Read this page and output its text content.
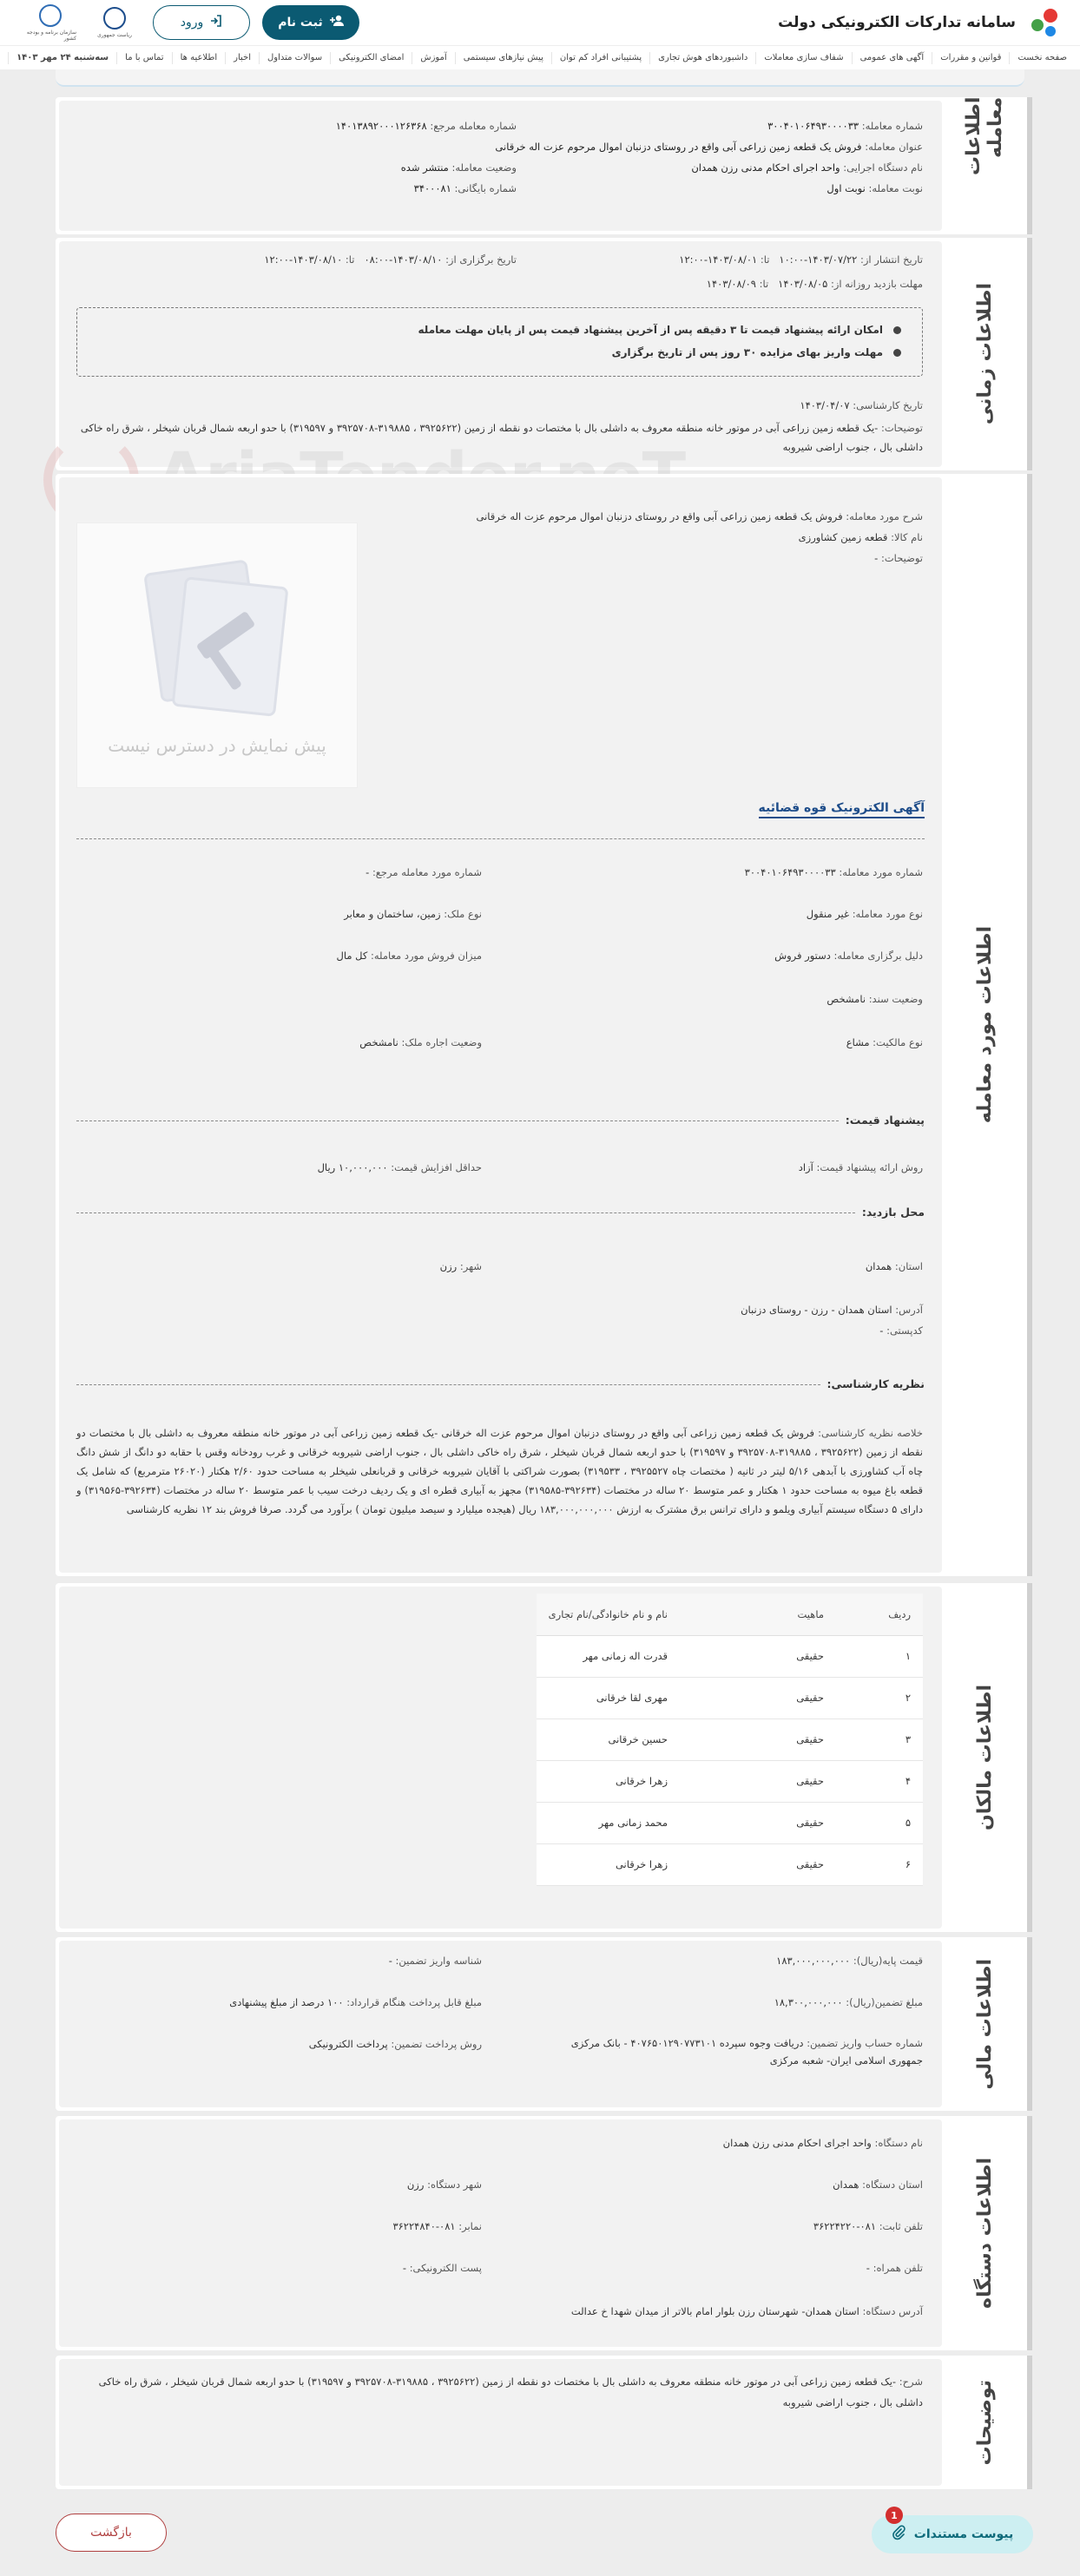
سامانه تدارکات الکترونیکی دولت
ثبت نام
ورود
ریاست جمهوری
سازمان برنامه و بودجه کشور
صفحه نخست
قوانین و مقررات
آگهی های عمومی
شفاف سازی معاملات
داشبوردهای هوش تجاری
پشتیبانی افراد کم توان
پیش نیازهای سیستمی
آموزش
امضای الکترونیکی
سوالات متداول
اخبار
اطلاعیه ها
تماس با ما
سه‌شنبه ۲۴ مهر ۱۴۰۳
اطلاعات معامله
شماره معامله: ۳۰۰۴۰۱۰۶۴۹۳۰۰۰۰۳۳
شماره معامله مرجع: ۱۴۰۱۳۸۹۲۰۰۰۱۲۶۳۶۸
عنوان معامله: فروش یک قطعه زمین زراعی آبی واقع در روستای دزنبان اموال مرحوم عزت اله خرقانی
نام دستگاه اجرایی: واحد اجرای احکام مدنی رزن همدان
وضعیت معامله: منتشر شده
نوبت معامله: نوبت اول
شماره بایگانی: ۳۴۰۰۰۸۱
اطلاعات زمانی
تاریخ انتشار از: ۱۴۰۳/۰۷/۲۲-۱۰:۰۰   تا: ۱۴۰۳/۰۸/۰۱-۱۲:۰۰
تاریخ برگزاری از: ۱۴۰۳/۰۸/۱۰-۰۸:۰۰   تا: ۱۴۰۳/۰۸/۱۰-۱۲:۰۰
مهلت بازدید روزانه از: ۱۴۰۳/۰۸/۰۵   تا: ۱۴۰۳/۰۸/۰۹
امکان ارائه پیشنهاد قیمت تا ۳ دقیقه پس از آخرین پیشنهاد قیمت پس از پایان مهلت معامله
مهلت واریز بهای مزایده ۳۰ روز پس از تاریخ برگزاری
تاریخ کارشناسی: ۱۴۰۳/۰۴/۰۷
توضیحات: -یک قطعه زمین زراعی آبی در موتور خانه منطقه معروف به داشلی بال با مختصات دو نقطه از زمین (۳۹۲۵۶۲۲ ، ۳۱۹۸۸۵-۳۹۲۵۷۰۸ و ۳۱۹۵۹۷) با حدو اربعه شمال قربان شیخلر ، شرق راه خاکی داشلی بال ، جنوب اراضی شیروبه
اطلاعات مورد معامله
شرح مورد معامله: فروش یک قطعه زمین زراعی آبی واقع در روستای دزنبان اموال مرحوم عزت اله خرقانی
نام کالا: قطعه زمین کشاورزی
توضیحات: -
پیش نمایش در دسترس نیست
آگهی الکترونیک قوه قضائیه
شماره مورد معامله: ۳۰۰۴۰۱۰۶۴۹۳۰۰۰۰۳۳
شماره مورد معامله مرجع: -
نوع مورد معامله: غیر منقول
نوع ملک: زمین، ساختمان و معابر
دلیل برگزاری معامله: دستور فروش
میزان فروش مورد معامله: کل مال
وضعیت سند: نامشخص
نوع مالکیت: مشاع
وضعیت اجاره ملک: نامشخص
پیشنهاد قیمت:
روش ارائه پیشنهاد قیمت: آزاد
حداقل افزایش قیمت: ۱۰,۰۰۰,۰۰۰ ریال
محل بازدید:
استان: همدان
شهر: رزن
آدرس: استان همدان - رزن - روستای دزنبان
کدپستی: -
نظریه کارشناسی:
خلاصه نظریه کارشناسی: فروش یک قطعه زمین زراعی آبی واقع در روستای دزنبان اموال مرحوم عزت اله خرقانی -یک قطعه زمین زراعی آبی در موتور خانه منطقه معروف به داشلی بال با مختصات دو نقطه از زمین (۳۹۲۵۶۲۲ ، ۳۱۹۸۸۵-۳۹۲۵۷۰۸ و ۳۱۹۵۹۷) با حدو اربعه شمال قربان شیخلر ، شرق راه خاکی داشلی بال ، جنوب اراضی شیروبه خرقانی و غرب رودخانه وقس با حقابه دو دانگ از شش دانگ چاه آب کشاورزی با آبدهی ۵/۱۶ لیتر در ثانیه ( مختصات چاه ۳۹۲۵۵۲۷ ، ۳۱۹۵۳۳) بصورت شراکتی با آقایان شیروبه خرقانی و قربانعلی شیخلر به مساحت حدود ۲/۶۰ هکتار (۲۶۰۲۰ مترمربع) که شامل یک قطعه باغ میوه به مساحت حدود ۱ هکتار و عمر متوسط ۲۰ ساله در مختصات (۳۹۲۶۳۴-۳۱۹۵۸۵) مجهز به آبیاری قطره ای و یک ردیف درخت سیب با عمر متوسط ۲۰ ساله در مختصات (۳۹۲۶۳۴-۳۱۹۵۶۵) و دارای ۵ دستگاه سیستم آبیاری ویلمو و دارای ترانس برق مشترک به ارزش ۱۸۳,۰۰۰,۰۰۰,۰۰۰ ریال (هیجده میلیارد و سیصد میلیون تومان ) برآورد می گردد. صرفا فروش بند ۱۲ نظریه کارشناسی
اطلاعات مالکان
ردیف	ماهیت	نام و نام خانوادگی/نام تجاری
۱	حقیقی	قدرت اله زمانی مهر
۲	حقیقی	مهری لقا خرقانی
۳	حقیقی	حسین خرقانی
۴	حقیقی	زهرا خرقانی
۵	حقیقی	محمد زمانی مهر
۶	حقیقی	زهرا خرقانی
اطلاعات مالی
قیمت پایه(ریال): ۱۸۳,۰۰۰,۰۰۰,۰۰۰
شناسه واریز تضمین: -
مبلغ تضمین(ریال): ۱۸,۳۰۰,۰۰۰,۰۰۰
مبلغ قابل پرداخت هنگام قرارداد: ۱۰۰ درصد از مبلغ پیشنهادی
شماره حساب واریز تضمین: دریافت وجوه سپرده ۴۰۷۶۵۰۱۲۹۰۷۷۳۱۰۱ - بانک مرکزی جمهوری اسلامی ایران- شعبه مرکزی
روش پرداخت تضمین: پرداخت الکترونیکی
اطلاعات دستگاه
نام دستگاه: واحد اجرای احکام مدنی رزن همدان
استان دستگاه: همدان
شهر دستگاه: رزن
تلفن ثابت: ۰۸۱-۳۶۲۲۴۲۲۰
نمابر: ۰۸۱-۳۶۲۲۴۸۴۰
تلفن همراه: -
پست الکترونیکی: -
آدرس دستگاه: استان همدان- شهرستان رزن بلوار امام بالاتر از میدان شهدا خ عدالت
توضیحات
شرح: -یک قطعه زمین زراعی آبی در موتور خانه منطقه معروف به داشلی بال با مختصات دو نقطه از زمین (۳۹۲۵۶۲۲ ، ۳۱۹۸۸۵-۳۹۲۵۷۰۸ و ۳۱۹۵۹۷) با حدو اربعه شمال قربان شیخلر ، شرق راه خاکی داشلی بال ، جنوب اراضی شیروبه
بازگشت
1
پیوست مستندات
